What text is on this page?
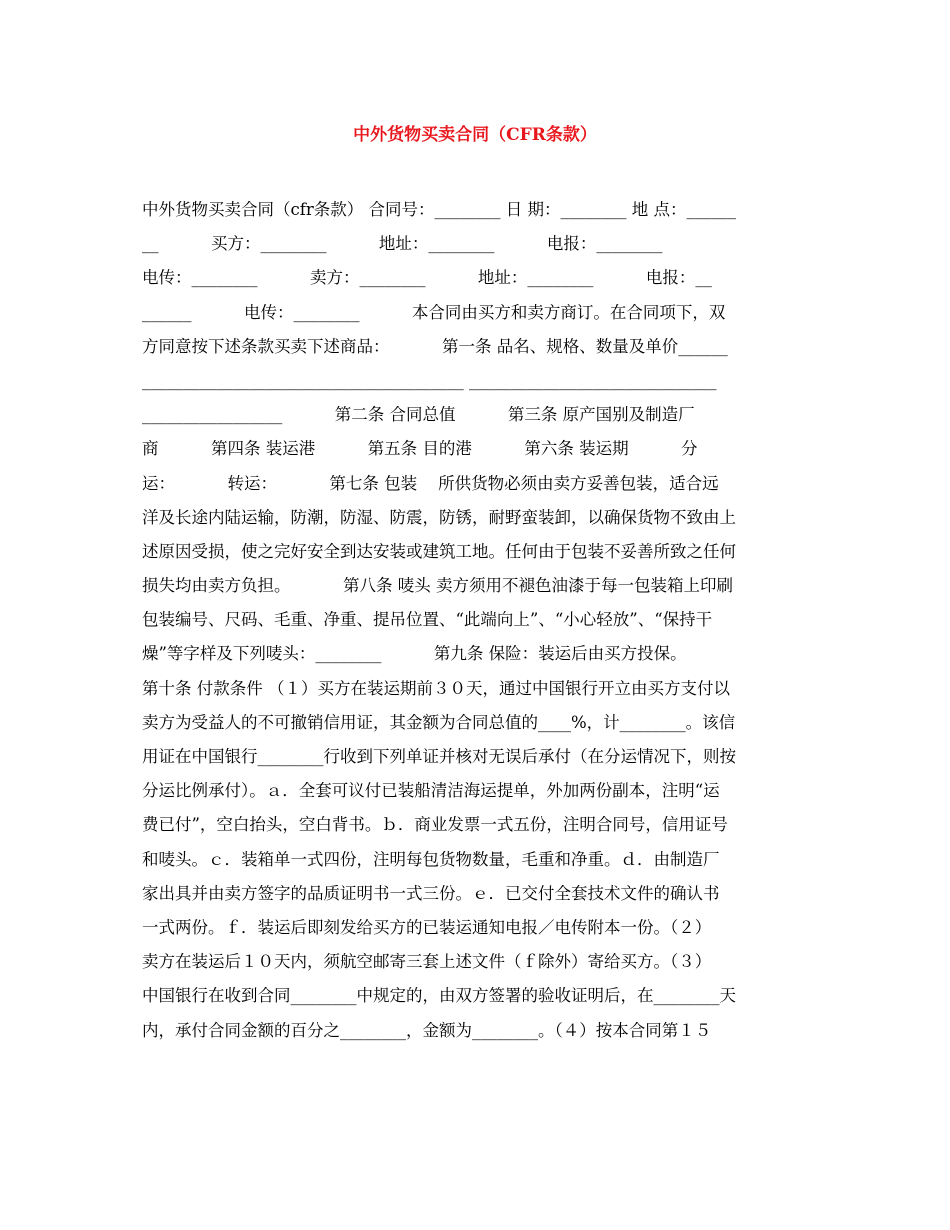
中外货物买卖合同（CFR条款）
中外货物买卖合同（cfr条款） 合同号：________ 日 期：________ 地 点：______
__          买方：________          地址：________          电报：________
电传：________          卖方：________          地址：________          电报：__
______          电传：________          本合同由买方和卖方商订。在合同项下，双
方同意按下述条款买卖下述商品：          第一条 品名、规格、数量及单价______
_______________________________________ ______________________________
_________________          第二条 合同总值          第三条 原产国别及制造厂
商          第四条 装运港          第五条 目的港          第六条 装运期          分
运：          转运：          第七条 包装    所供货物必须由卖方妥善包装，适合远
洋及长途内陆运输，防潮，防湿、防震，防锈，耐野蛮装卸，以确保货物不致由上
述原因受损，使之完好安全到达安装或建筑工地。任何由于包装不妥善所致之任何
损失均由卖方负担。          第八条 唛头 卖方须用不褪色油漆于每一包装箱上印刷
包装编号、尺码、毛重、净重、提吊位置、“此端向上”、“小心轻放”、“保持干
燥”等字样及下列唛头：________          第九条 保险：装运后由买方投保。
第十条 付款条件 （１）买方在装运期前３０天，通过中国银行开立由买方支付以
卖方为受益人的不可撤销信用证，其金额为合同总值的____%，计________。该信
用证在中国银行________行收到下列单证并核对无误后承付（在分运情况下，则按
分运比例承付）。ａ．全套可议付已装船清洁海运提单，外加两份副本，注明“运
费已付”，空白抬头，空白背书。ｂ．商业发票一式五份，注明合同号，信用证号
和唛头。ｃ．装箱单一式四份，注明每包货物数量，毛重和净重。ｄ．由制造厂
家出具并由卖方签字的品质证明书一式三份。ｅ．已交付全套技术文件的确认书
一式两份。ｆ．装运后即刻发给买方的已装运通知电报／电传附本一份。（２）
卖方在装运后１０天内，须航空邮寄三套上述文件（ｆ除外）寄给买方。（３）
中国银行在收到合同________中规定的，由双方签署的验收证明后，在________天
内，承付合同金额的百分之________，金额为________。（４）按本合同第１５
